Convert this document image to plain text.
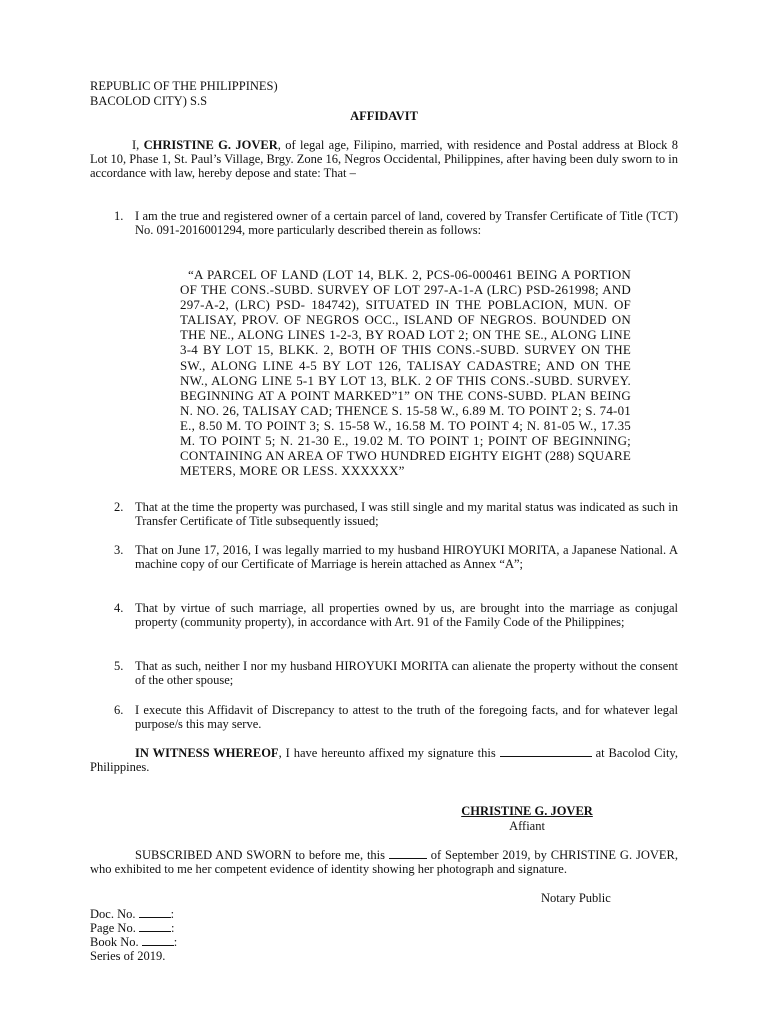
REPUBLIC OF THE PHILIPPINES)
BACOLOD CITY) S.S
AFFIDAVIT
I, CHRISTINE G. JOVER, of legal age, Filipino, married, with residence and Postal address at Block 8 Lot 10, Phase 1, St. Paul’s Village, Brgy. Zone 16, Negros Occidental, Philippines, after having been duly sworn to in accordance with law, hereby depose and state: That –
1. I am the true and registered owner of a certain parcel of land, covered by Transfer Certificate of Title (TCT) No. 091-2016001294, more particularly described therein as follows:
“A PARCEL OF LAND (LOT 14, BLK. 2, PCS-06-000461 BEING A PORTION OF THE CONS.-SUBD. SURVEY OF LOT 297-A-1-A (LRC) PSD-261998; AND 297-A-2, (LRC) PSD- 184742), SITUATED IN THE POBLACION, MUN. OF TALISAY, PROV. OF NEGROS OCC., ISLAND OF NEGROS. BOUNDED ON THE NE., ALONG LINES 1-2-3, BY ROAD LOT 2; ON THE SE., ALONG LINE 3-4 BY LOT 15, BLKK. 2, BOTH OF THIS CONS.-SUBD. SURVEY ON THE SW., ALONG LINE 4-5 BY LOT 126, TALISAY CADASTRE; AND ON THE NW., ALONG LINE 5-1 BY LOT 13, BLK. 2 OF THIS CONS.-SUBD. SURVEY. BEGINNING AT A POINT MARKED”1” ON THE CONS-SUBD. PLAN BEING N. NO. 26, TALISAY CAD; THENCE S. 15-58 W., 6.89 M. TO POINT 2; S. 74-01 E., 8.50 M. TO POINT 3; S. 15-58 W., 16.58 M. TO POINT 4; N. 81-05 W., 17.35 M. TO POINT 5; N. 21-30 E., 19.02 M. TO POINT 1; POINT OF BEGINNING; CONTAINING AN AREA OF TWO HUNDRED EIGHTY EIGHT (288) SQUARE METERS, MORE OR LESS. XXXXXX”
2. That at the time the property was purchased, I was still single and my marital status was indicated as such in Transfer Certificate of Title subsequently issued;
3. That on June 17, 2016, I was legally married to my husband HIROYUKI MORITA, a Japanese National. A machine copy of our Certificate of Marriage is herein attached as Annex “A”;
4. That by virtue of such marriage, all properties owned by us, are brought into the marriage as conjugal property (community property), in accordance with Art. 91 of the Family Code of the Philippines;
5. That as such, neither I nor my husband HIROYUKI MORITA can alienate the property without the consent of the other spouse;
6. I execute this Affidavit of Discrepancy to attest to the truth of the foregoing facts, and for whatever legal purpose/s this may serve.
IN WITNESS WHEREOF, I have hereunto affixed my signature this	at Bacolod City, Philippines.
CHRISTINE G. JOVER
Affiant
SUBSCRIBED AND SWORN to before me, this	of September 2019, by CHRISTINE G. JOVER, who exhibited to me her competent evidence of identity showing her photograph and signature.
Notary Public
Doc. No.	:
Page No.	:
Book No.	:
Series of 2019.
